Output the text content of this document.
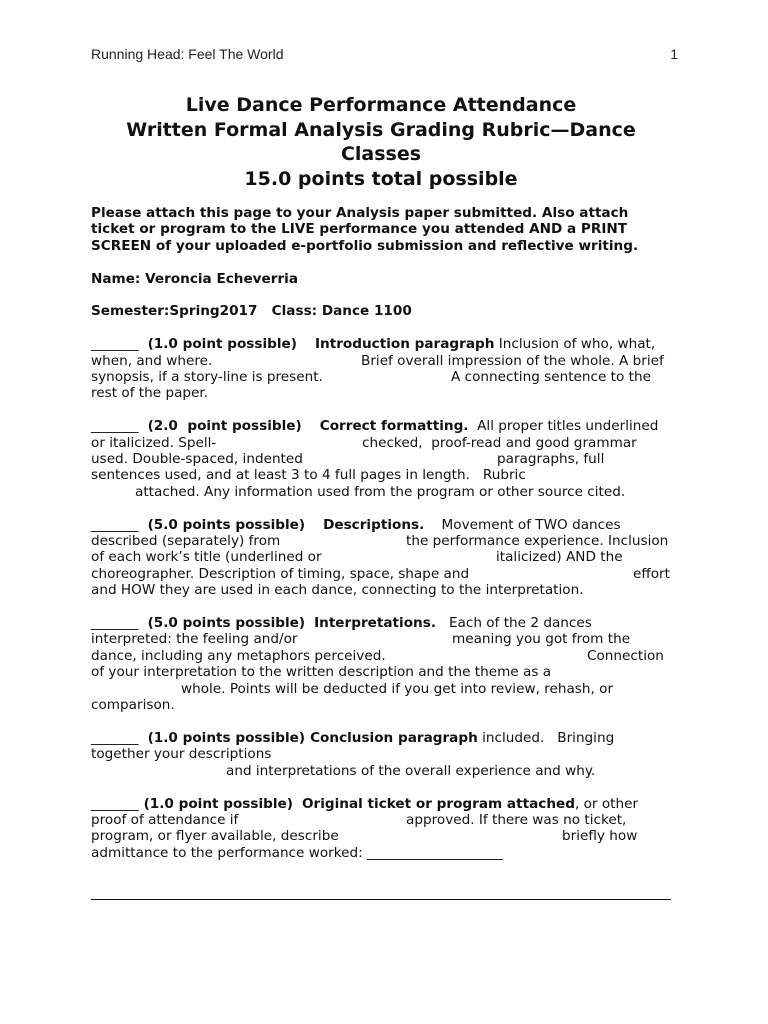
Running Head: Feel The World	1
Live Dance Performance Attendance
Written Formal Analysis Grading Rubric—Dance
Classes
15.0 points total possible

Please attach this page to your Analysis paper submitted. Also attach
ticket or program to the LIVE performance you attended AND a PRINT
SCREEN of your uploaded e-portfolio submission and reflective writing.

Name: Veroncia Echeverria

Semester:Spring2017   Class: Dance 1100

_______ (1.0 point possible) Introduction paragraph Inclusion of who, what,
when, and where.	Brief overall impression of the whole. A brief
synopsis, if a story-line is present.	A connecting sentence to the
rest of the paper.

_______ (2.0  point possible) Correct formatting.  All proper titles underlined
or italicized. Spell-	checked,  proof-read and good grammar
used. Double-spaced, indented	paragraphs, full
sentences used, and at least 3 to 4 full pages in length.   Rubric
attached. Any information used from the program or other source cited.

_______ (5.0 points possible) Descriptions.    Movement of TWO dances
described (separately) from	the performance experience. Inclusion
of each work’s title (underlined or	italicized) AND the
choreographer. Description of timing, space, shape and	effort
and HOW they are used in each dance, connecting to the interpretation.

_______ (5.0 points possible) Interpretations.   Each of the 2 dances
interpreted: the feeling and/or	meaning you got from the
dance, including any metaphors perceived.	Connection
of your interpretation to the written description and the theme as a
whole. Points will be deducted if you get into review, rehash, or
comparison.

_______ (1.0 points possible) Conclusion paragraph included.   Bringing
together your descriptions
and interpretations of the overall experience and why.

_______ (1.0 point possible) Original ticket or program attached, or other
proof of attendance if	approved. If there was no ticket,
program, or flyer available, describe	briefly how
admittance to the performance worked: ____________________
